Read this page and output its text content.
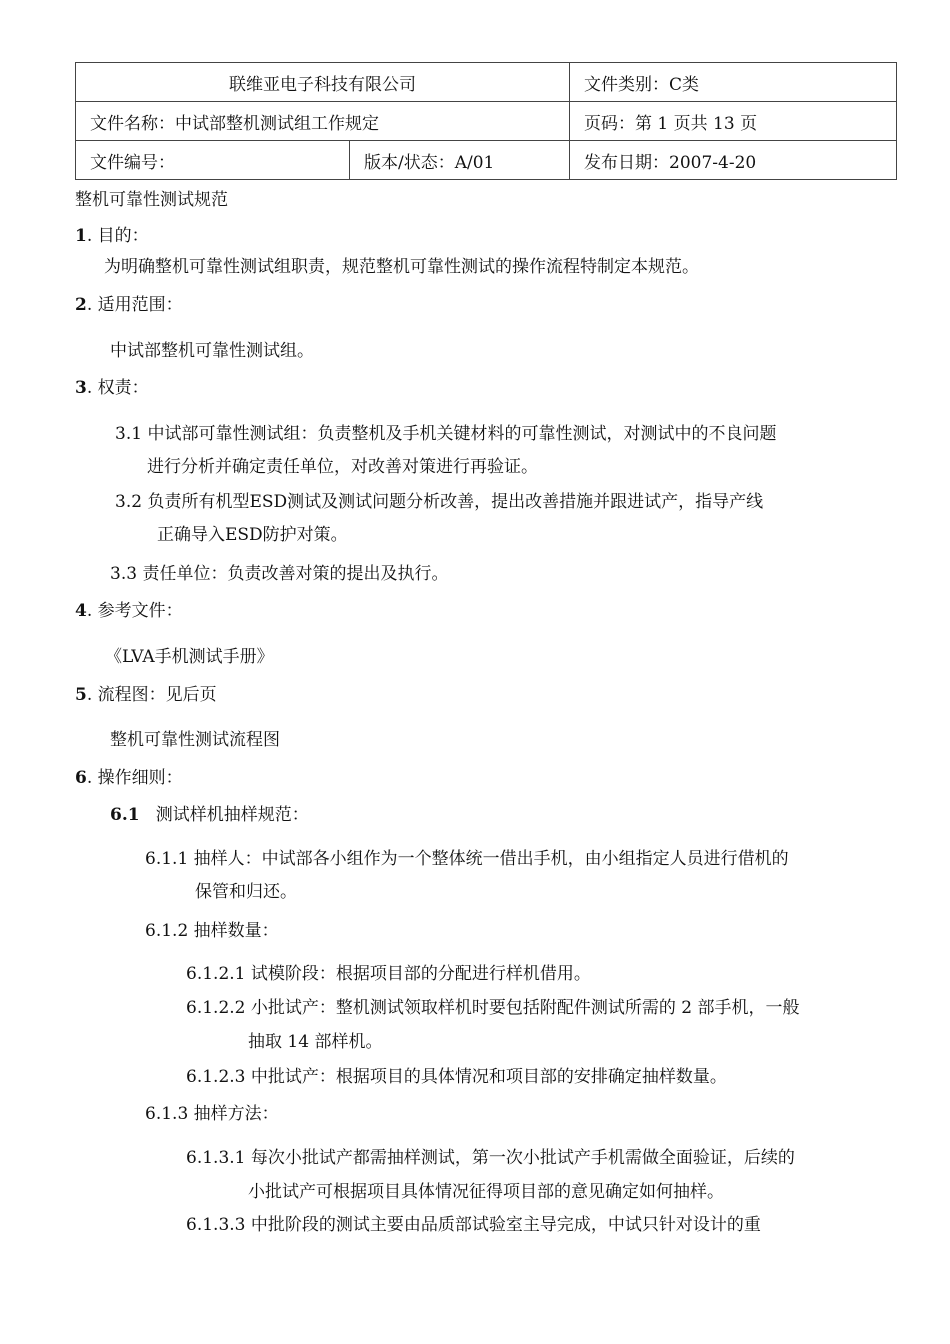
联维亚电子科技有限公司		文件类别：C类
文件名称：中试部整机测试组工作规定		页码：第 1 页共 13 页
文件编号：	版本/状态：A/01	发布日期：2007-4-20
整机可靠性测试规范
1. 目的：
为明确整机可靠性测试组职责，规范整机可靠性测试的操作流程特制定本规范。
2. 适用范围：
中试部整机可靠性测试组。
3. 权责：
3.1 中试部可靠性测试组：负责整机及手机关键材料的可靠性测试，对测试中的不良问题
进行分析并确定责任单位，对改善对策进行再验证。
3.2 负责所有机型ESD测试及测试问题分析改善，提出改善措施并跟进试产，指导产线
正确导入ESD防护对策。
3.3 责任单位：负责改善对策的提出及执行。
4. 参考文件：
《LVA手机测试手册》
5. 流程图：见后页
整机可靠性测试流程图
6. 操作细则：
6.1 测试样机抽样规范：
6.1.1 抽样人：中试部各小组作为一个整体统一借出手机，由小组指定人员进行借机的
保管和归还。
6.1.2 抽样数量：
6.1.2.1 试模阶段：根据项目部的分配进行样机借用。
6.1.2.2 小批试产：整机测试领取样机时要包括附配件测试所需的 2 部手机，一般
抽取 14 部样机。
6.1.2.3 中批试产：根据项目的具体情况和项目部的安排确定抽样数量。
6.1.3 抽样方法：
6.1.3.1 每次小批试产都需抽样测试，第一次小批试产手机需做全面验证，后续的
小批试产可根据项目具体情况征得项目部的意见确定如何抽样。
6.1.3.3 中批阶段的测试主要由品质部试验室主导完成，中试只针对设计的重
